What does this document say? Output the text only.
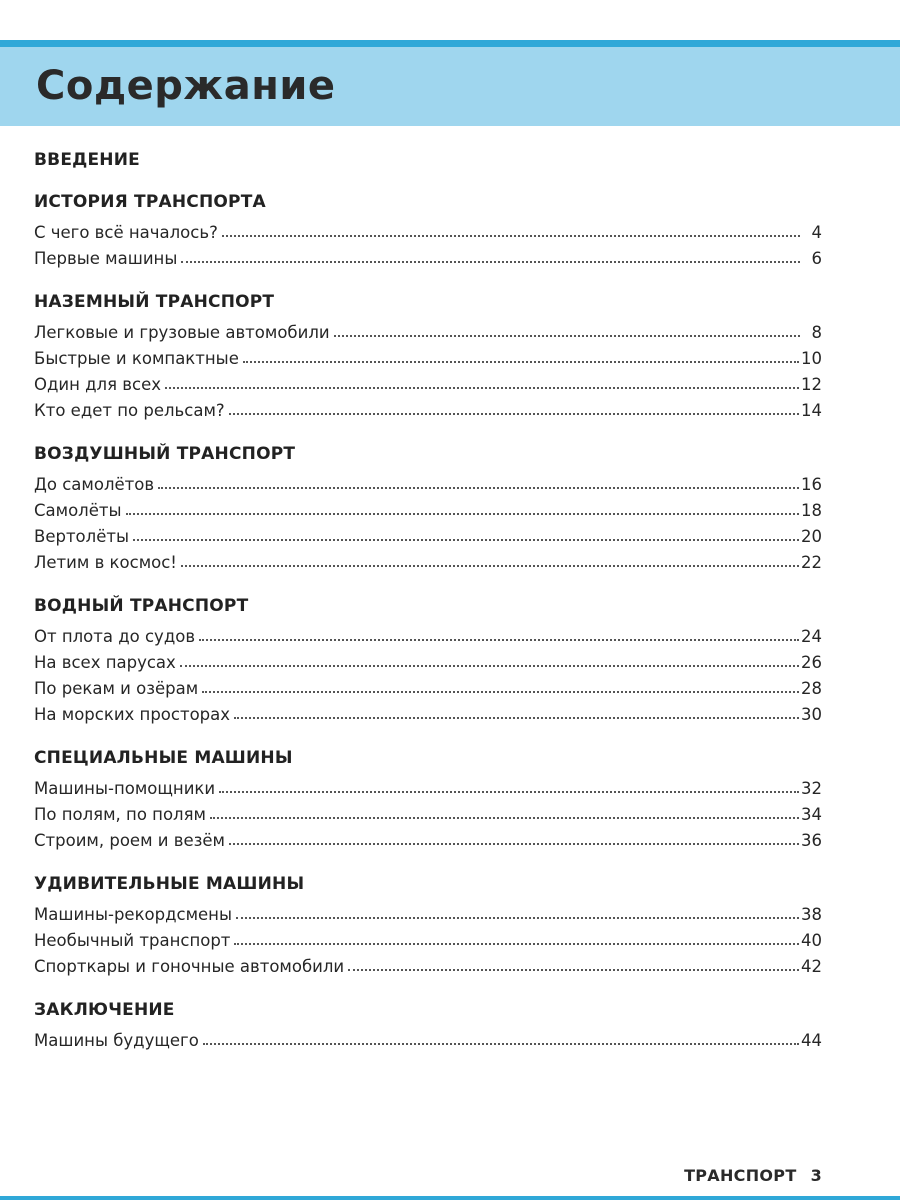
Содержание
ВВЕДЕНИЕ
ИСТОРИЯ ТРАНСПОРТА
С чего всё началось?	4
Первые машины	6
НАЗЕМНЫЙ ТРАНСПОРТ
Легковые и грузовые автомобили	8
Быстрые и компактные	10
Один для всех	12
Кто едет по рельсам?	14
ВОЗДУШНЫЙ ТРАНСПОРТ
До самолётов	16
Самолёты	18
Вертолёты	20
Летим в космос!	22
ВОДНЫЙ ТРАНСПОРТ
От плота до судов	24
На всех парусах	26
По рекам и озёрам	28
На морских просторах	30
СПЕЦИАЛЬНЫЕ МАШИНЫ
Машины-помощники	32
По полям, по полям	34
Строим, роем и везём	36
УДИВИТЕЛЬНЫЕ МАШИНЫ
Машины-рекордсмены	38
Необычный транспорт	40
Спорткары и гоночные автомобили	42
ЗАКЛЮЧЕНИЕ
Машины будущего	44
ТРАНСПОРТ 3
